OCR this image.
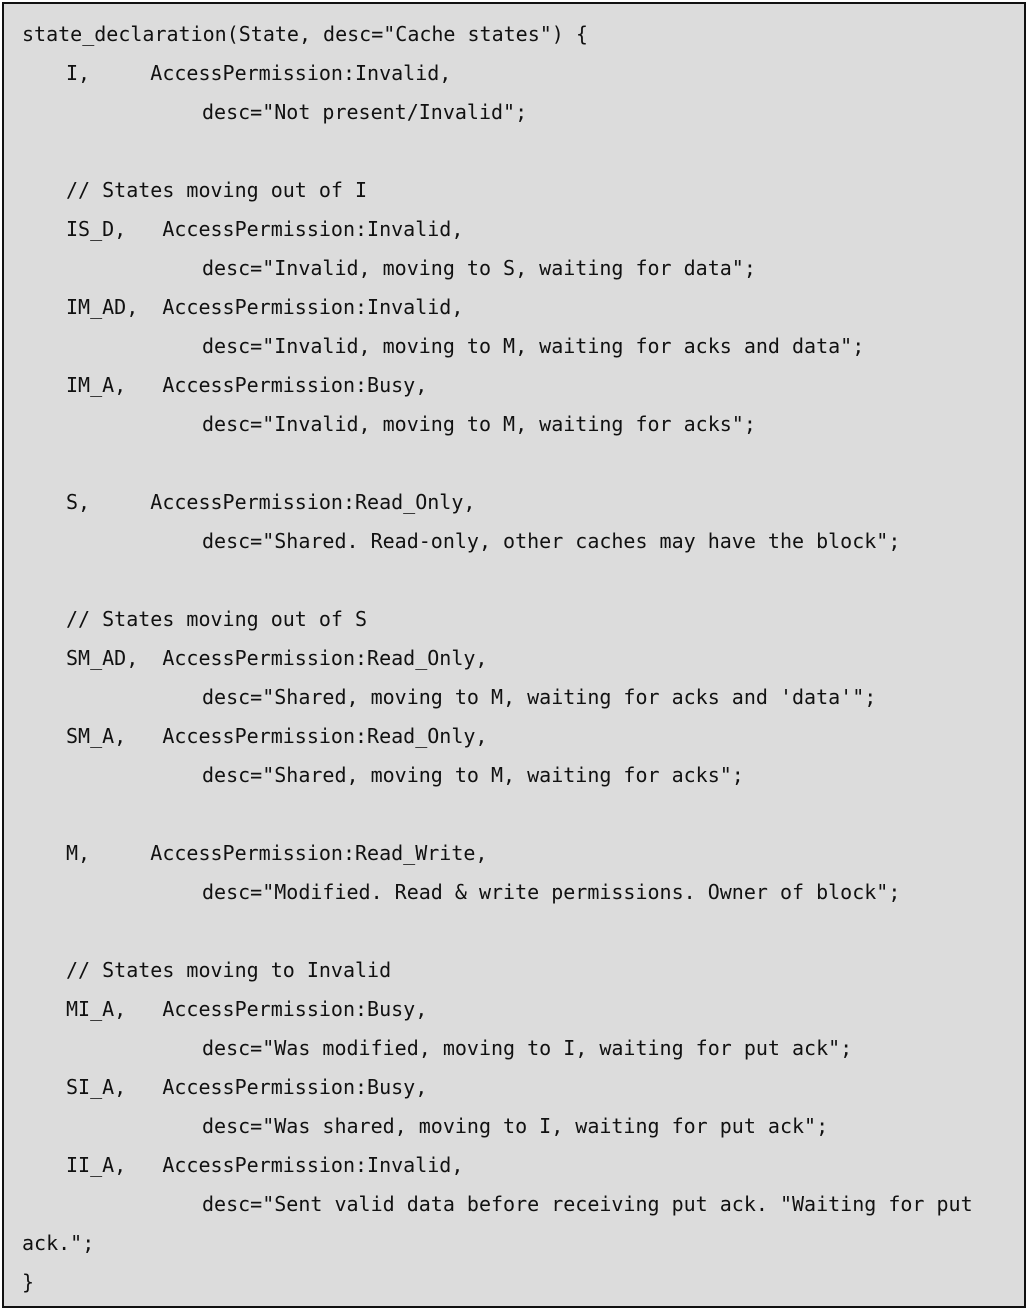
state_declaration(State, desc="Cache states") {
I,     AccessPermission:Invalid,
desc="Not present/Invalid";
// States moving out of I
IS_D,   AccessPermission:Invalid,
desc="Invalid, moving to S, waiting for data";
IM_AD,  AccessPermission:Invalid,
desc="Invalid, moving to M, waiting for acks and data";
IM_A,   AccessPermission:Busy,
desc="Invalid, moving to M, waiting for acks";
S,     AccessPermission:Read_Only,
desc="Shared. Read-only, other caches may have the block";
// States moving out of S
SM_AD,  AccessPermission:Read_Only,
desc="Shared, moving to M, waiting for acks and 'data'";
SM_A,   AccessPermission:Read_Only,
desc="Shared, moving to M, waiting for acks";
M,     AccessPermission:Read_Write,
desc="Modified. Read & write permissions. Owner of block";
// States moving to Invalid
MI_A,   AccessPermission:Busy,
desc="Was modified, moving to I, waiting for put ack";
SI_A,   AccessPermission:Busy,
desc="Was shared, moving to I, waiting for put ack";
II_A,   AccessPermission:Invalid,
desc="Sent valid data before receiving put ack. "Waiting for put
ack.";
}
